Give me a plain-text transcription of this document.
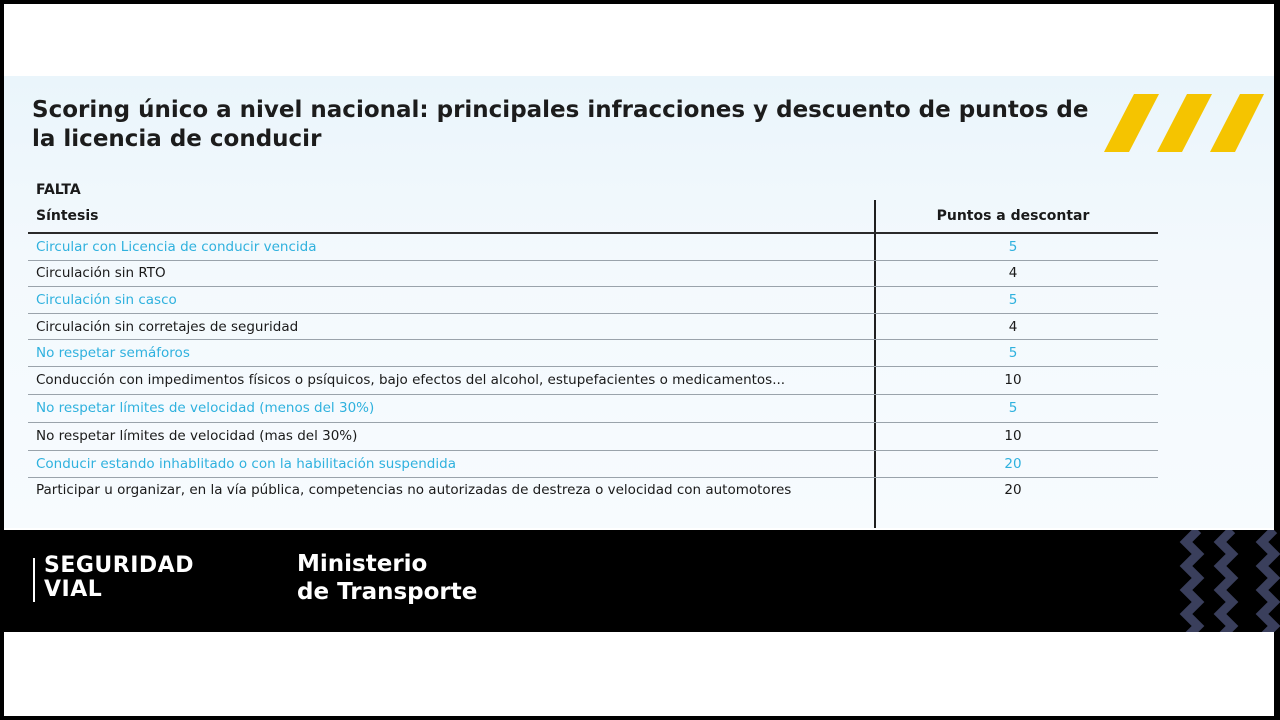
Scoring único a nivel nacional: principales infracciones y descuento de puntos de la licencia de conducir
FALTA
Síntesis	Puntos a descontar
Circular con Licencia de conducir vencida	5
Circulación sin RTO	4
Circulación sin casco	5
Circulación sin corretajes de seguridad	4
No respetar semáforos	5
Conducción con impedimentos físicos o psíquicos, bajo efectos del alcohol, estupefacientes o medicamentos...	10
No respetar límites de velocidad (menos del 30%)	5
No respetar límites de velocidad (mas del 30%)	10
Conducir estando inhablitado o con la habilitación suspendida	20
Participar u organizar, en la vía pública, competencias no autorizadas de destreza o velocidad con automotores	20
SEGURIDAD
VIAL
Ministerio
de Transporte
